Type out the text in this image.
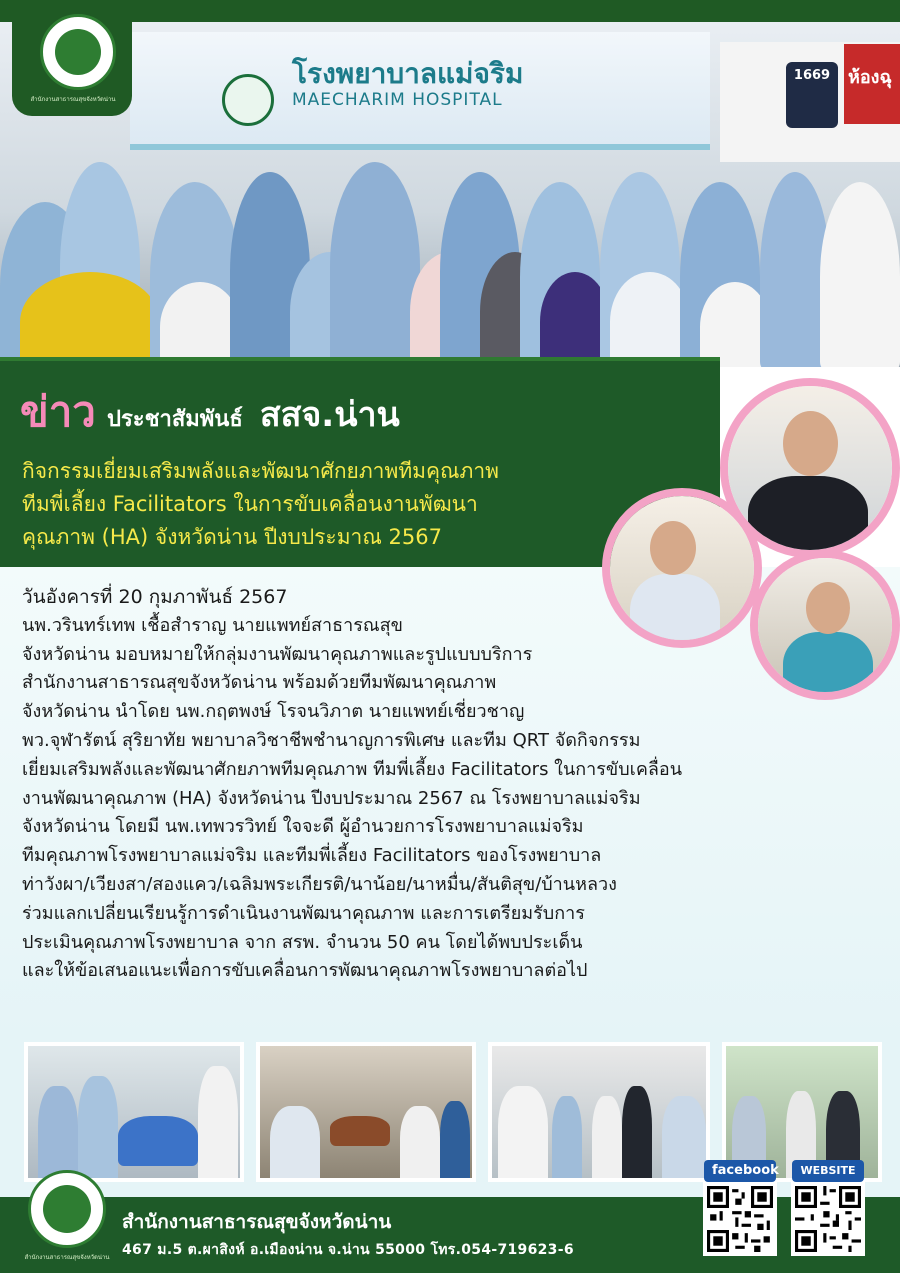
โรงพยาบาลแม่จริม
MAECHARIM HOSPITAL
1669 ห้องฉุ
สำนักงานสาธารณสุขจังหวัดน่าน
ข่าว ประชาสัมพันธ์ สสจ.น่าน
กิจกรรมเยี่ยมเสริมพลังและพัฒนาศักยภาพทีมคุณภาพ
ทีมพี่เลี้ยง Facilitators ในการขับเคลื่อนงานพัฒนา
คุณภาพ (HA) จังหวัดน่าน ปีงบประมาณ 2567
วันอังคารที่ 20 กุมภาพันธ์ 2567
นพ.วรินทร์เทพ เชื้อสำราญ นายแพทย์สาธารณสุข
จังหวัดน่าน มอบหมายให้กลุ่มงานพัฒนาคุณภาพและรูปแบบบริการ
สำนักงานสาธารณสุขจังหวัดน่าน พร้อมด้วยทีมพัฒนาคุณภาพ
จังหวัดน่าน นำโดย นพ.กฤตพงษ์ โรจนวิภาต นายแพทย์เชี่ยวชาญ
พว.จุฬารัตน์ สุริยาทัย พยาบาลวิชาชีพชำนาญการพิเศษ และทีม QRT จัดกิจกรรม
เยี่ยมเสริมพลังและพัฒนาศักยภาพทีมคุณภาพ ทีมพี่เลี้ยง Facilitators ในการขับเคลื่อน
งานพัฒนาคุณภาพ (HA) จังหวัดน่าน ปีงบประมาณ 2567 ณ โรงพยาบาลแม่จริม
จังหวัดน่าน โดยมี นพ.เทพวรวิทย์ ใจจะดี ผู้อำนวยการโรงพยาบาลแม่จริม
ทีมคุณภาพโรงพยาบาลแม่จริม และทีมพี่เลี้ยง Facilitators ของโรงพยาบาล
ท่าวังผา/เวียงสา/สองแคว/เฉลิมพระเกียรติ/นาน้อย/นาหมื่น/สันติสุข/บ้านหลวง
ร่วมแลกเปลี่ยนเรียนรู้การดำเนินงานพัฒนาคุณภาพ และการเตรียมรับการ
ประเมินคุณภาพโรงพยาบาล จาก สรพ. จำนวน 50 คน โดยได้พบประเด็น
และให้ข้อเสนอแนะเพื่อการขับเคลื่อนการพัฒนาคุณภาพโรงพยาบาลต่อไป
facebook	WEBSITE
สำนักงานสาธารณสุขจังหวัดน่าน
สำนักงานสาธารณสุขจังหวัดน่าน
467 ม.5 ต.ผาสิงห์ อ.เมืองน่าน จ.น่าน 55000 โทร.054-719623-6
